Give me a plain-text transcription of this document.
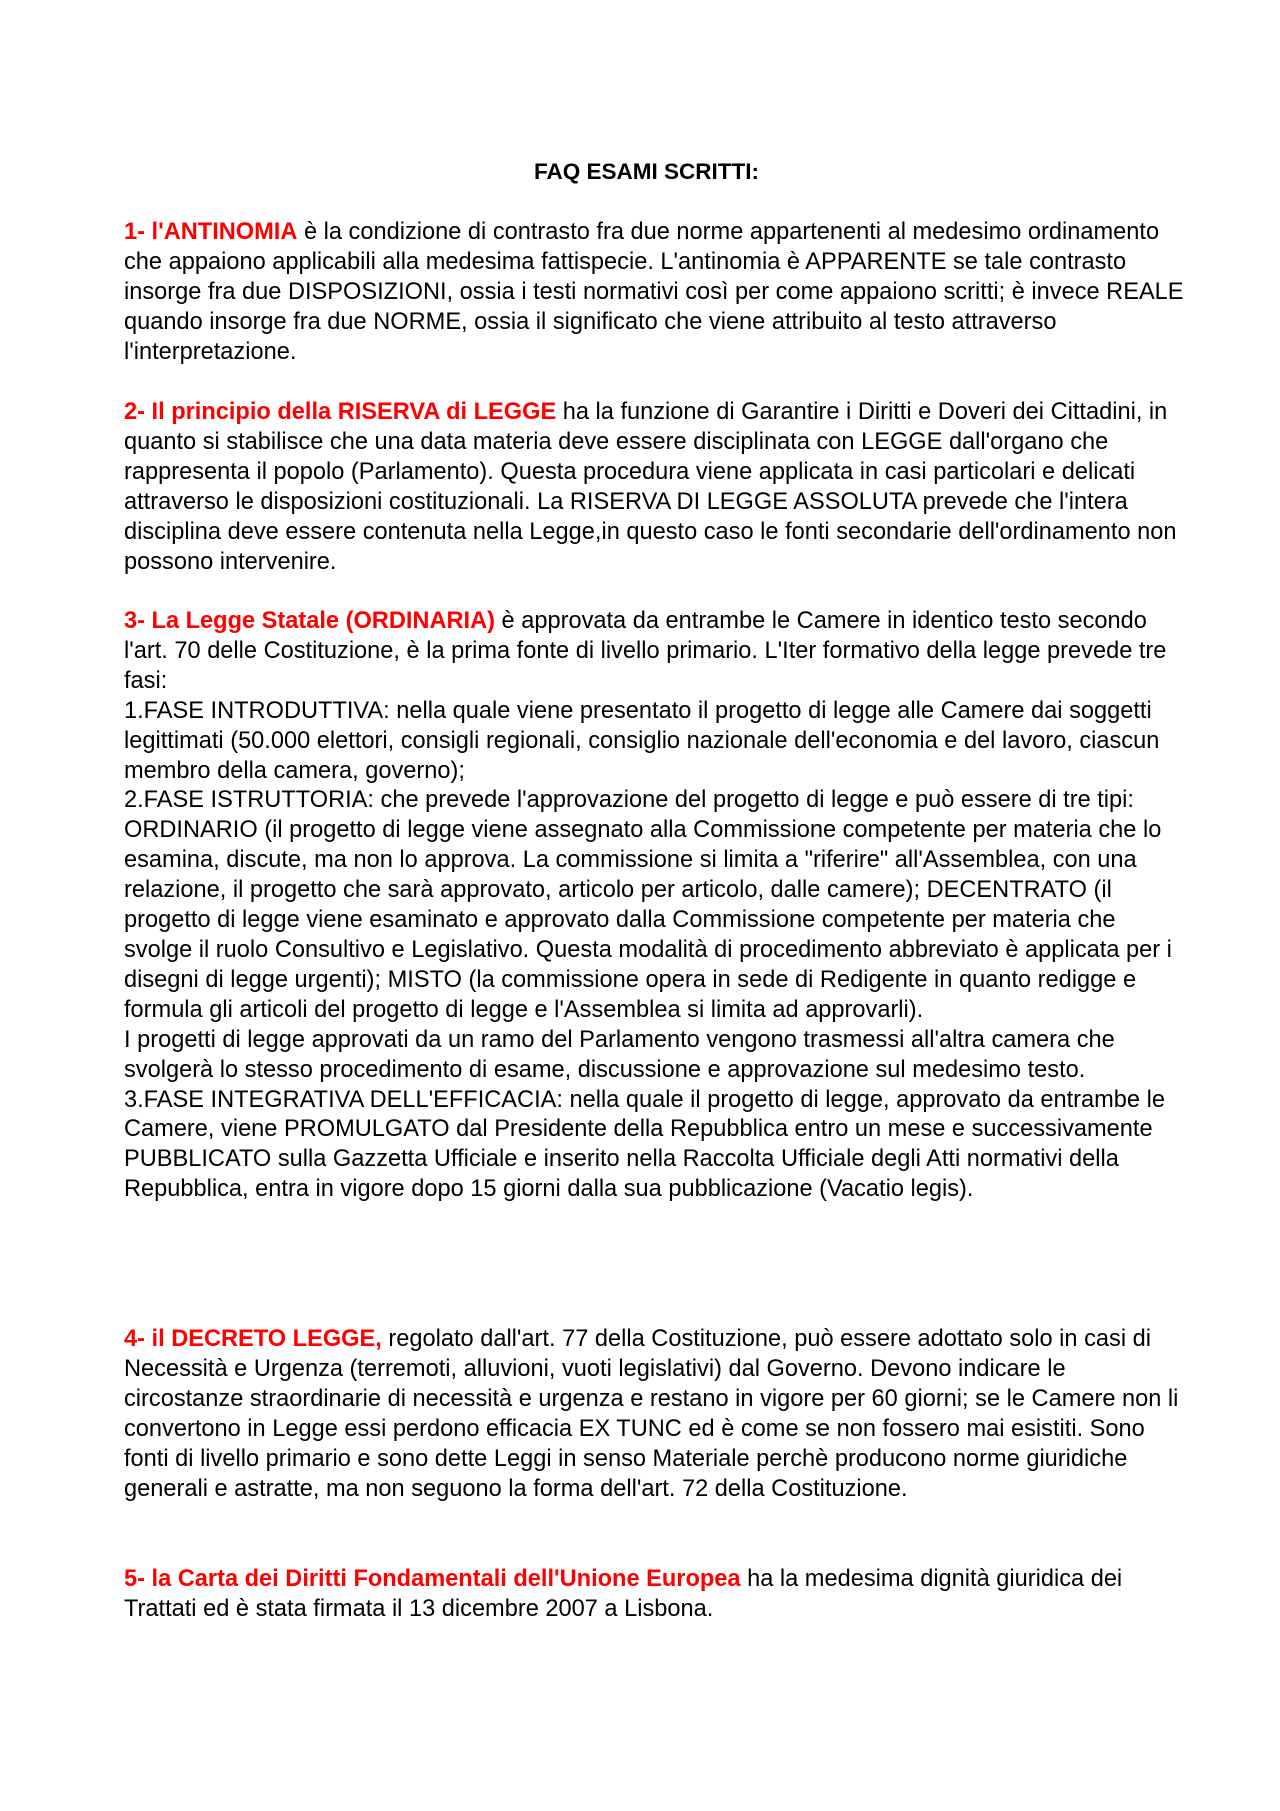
FAQ ESAMI SCRITTI:

1- l'ANTINOMIA è la condizione di contrasto fra due norme appartenenti al medesimo ordinamento che appaiono applicabili alla medesima fattispecie. L'antinomia è APPARENTE se tale contrasto insorge fra due DISPOSIZIONI, ossia i testi normativi così per come appaiono scritti; è invece REALE quando insorge fra due NORME, ossia il significato che viene attribuito al testo attraverso l'interpretazione.

2- Il principio della RISERVA di LEGGE ha la funzione di Garantire i Diritti e Doveri dei Cittadini, in quanto si stabilisce che una data materia deve essere disciplinata con LEGGE dall'organo che rappresenta il popolo (Parlamento). Questa procedura viene applicata in casi particolari e delicati attraverso le disposizioni costituzionali. La RISERVA DI LEGGE ASSOLUTA prevede che l'intera disciplina deve essere contenuta nella Legge,in questo caso le fonti secondarie dell'ordinamento non possono intervenire.

3- La Legge Statale (ORDINARIA) è approvata da entrambe le Camere in identico testo secondo l'art. 70 delle Costituzione, è la prima fonte di livello primario. L'Iter formativo della legge prevede tre fasi:

1.FASE INTRODUTTIVA: nella quale viene presentato il progetto di legge alle Camere dai soggetti legittimati (50.000 elettori, consigli regionali, consiglio nazionale dell'economia e del lavoro, ciascun membro della camera, governo);

2.FASE ISTRUTTORIA: che prevede l'approvazione del progetto di legge e può essere di tre tipi: ORDINARIO (il progetto di legge viene assegnato alla Commissione competente per materia che lo esamina, discute, ma non lo approva. La commissione si limita a "riferire" all'Assemblea, con una relazione, il progetto che sarà approvato, articolo per articolo, dalle camere); DECENTRATO (il progetto di legge viene esaminato e approvato dalla Commissione competente per materia che svolge il ruolo Consultivo e Legislativo. Questa modalità di procedimento abbreviato è applicata per i disegni di legge urgenti); MISTO (la commissione opera in sede di Redigente in quanto redigge e formula gli articoli del progetto di legge e l'Assemblea si limita ad approvarli).

I progetti di legge approvati da un ramo del Parlamento vengono trasmessi all'altra camera che svolgerà lo stesso procedimento di esame, discussione e approvazione sul medesimo testo.

3.FASE INTEGRATIVA DELL'EFFICACIA: nella quale il progetto di legge, approvato da entrambe le Camere, viene PROMULGATO dal Presidente della Repubblica entro un mese e successivamente PUBBLICATO sulla Gazzetta Ufficiale e inserito nella Raccolta Ufficiale degli Atti normativi della Repubblica, entra in vigore dopo 15 giorni dalla sua pubblicazione (Vacatio legis).

4- il DECRETO LEGGE, regolato dall'art. 77 della Costituzione, può essere adottato solo in casi di Necessità e Urgenza (terremoti, alluvioni, vuoti legislativi) dal Governo. Devono indicare le circostanze straordinarie di necessità e urgenza e restano in vigore per 60 giorni; se le Camere non li convertono in Legge essi perdono efficacia EX TUNC ed è come se non fossero mai esistiti. Sono fonti di livello primario e sono dette Leggi in senso Materiale perchè producono norme giuridiche generali e astratte, ma non seguono la forma dell'art. 72 della Costituzione.

5- la Carta dei Diritti Fondamentali dell'Unione Europea ha la medesima dignità giuridica dei Trattati ed è stata firmata il 13 dicembre 2007 a Lisbona.
